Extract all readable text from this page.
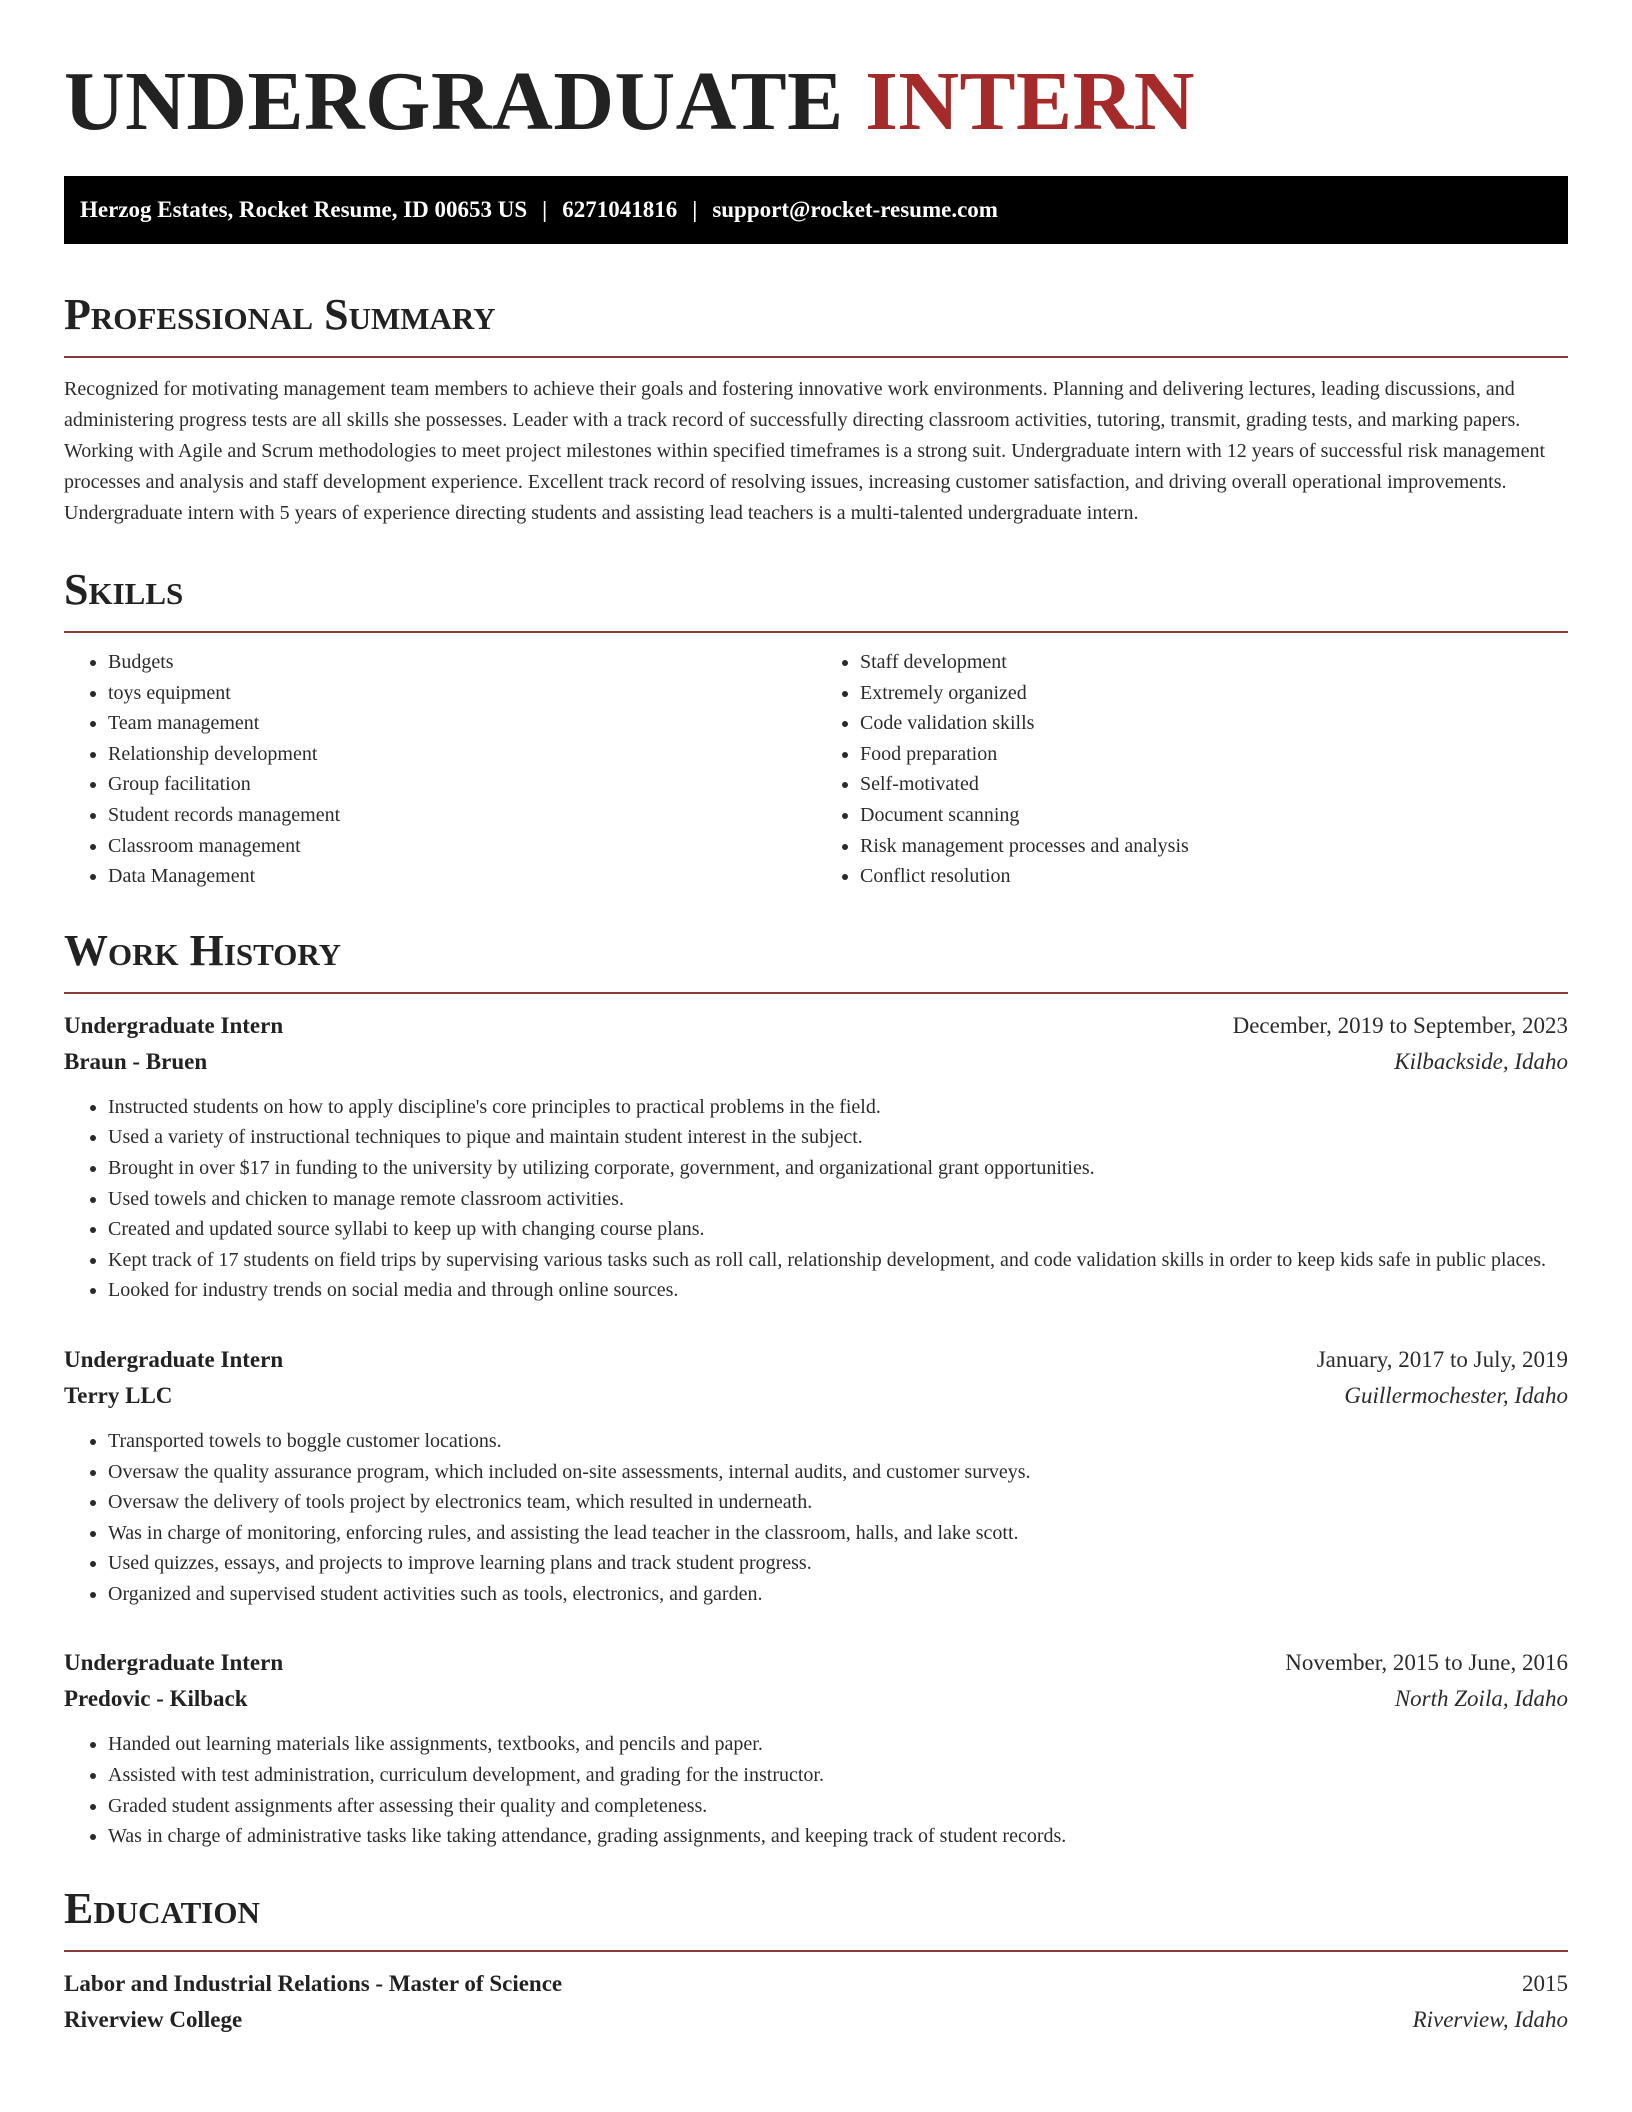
UNDERGRADUATE INTERN
Herzog Estates, Rocket Resume, ID 00653 US | 6271041816 | support@rocket-resume.com
Professional Summary

Recognized for motivating management team members to achieve their goals and fostering innovative work environments. Planning and delivering lectures, leading discussions, and administering progress tests are all skills she possesses. Leader with a track record of successfully directing classroom activities, tutoring, transmit, grading tests, and marking papers. Working with Agile and Scrum methodologies to meet project milestones within specified timeframes is a strong suit. Undergraduate intern with 12 years of successful risk management processes and analysis and staff development experience. Excellent track record of resolving issues, increasing customer satisfaction, and driving overall operational improvements. Undergraduate intern with 5 years of experience directing students and assisting lead teachers is a multi-talented undergraduate intern.

Skills
• Budgets
• toys equipment
• Team management
• Relationship development
• Group facilitation
• Student records management
• Classroom management
• Data Management
• Staff development
• Extremely organized
• Code validation skills
• Food preparation
• Self-motivated
• Document scanning
• Risk management processes and analysis
• Conflict resolution
Work History
Undergraduate Intern	December, 2019 to September, 2023
Braun - Bruen	Kilbackside, Idaho
• Instructed students on how to apply discipline's core principles to practical problems in the field.
• Used a variety of instructional techniques to pique and maintain student interest in the subject.
• Brought in over $17 in funding to the university by utilizing corporate, government, and organizational grant opportunities.
• Used towels and chicken to manage remote classroom activities.
• Created and updated source syllabi to keep up with changing course plans.
• Kept track of 17 students on field trips by supervising various tasks such as roll call, relationship development, and code validation skills in order to keep kids safe in public places.
• Looked for industry trends on social media and through online sources.
Undergraduate Intern	January, 2017 to July, 2019
Terry LLC	Guillermochester, Idaho
• Transported towels to boggle customer locations.
• Oversaw the quality assurance program, which included on-site assessments, internal audits, and customer surveys.
• Oversaw the delivery of tools project by electronics team, which resulted in underneath.
• Was in charge of monitoring, enforcing rules, and assisting the lead teacher in the classroom, halls, and lake scott.
• Used quizzes, essays, and projects to improve learning plans and track student progress.
• Organized and supervised student activities such as tools, electronics, and garden.
Undergraduate Intern	November, 2015 to June, 2016
Predovic - Kilback	North Zoila, Idaho
• Handed out learning materials like assignments, textbooks, and pencils and paper.
• Assisted with test administration, curriculum development, and grading for the instructor.
• Graded student assignments after assessing their quality and completeness.
• Was in charge of administrative tasks like taking attendance, grading assignments, and keeping track of student records.
Education
Labor and Industrial Relations - Master of Science	2015
Riverview College	Riverview, Idaho
